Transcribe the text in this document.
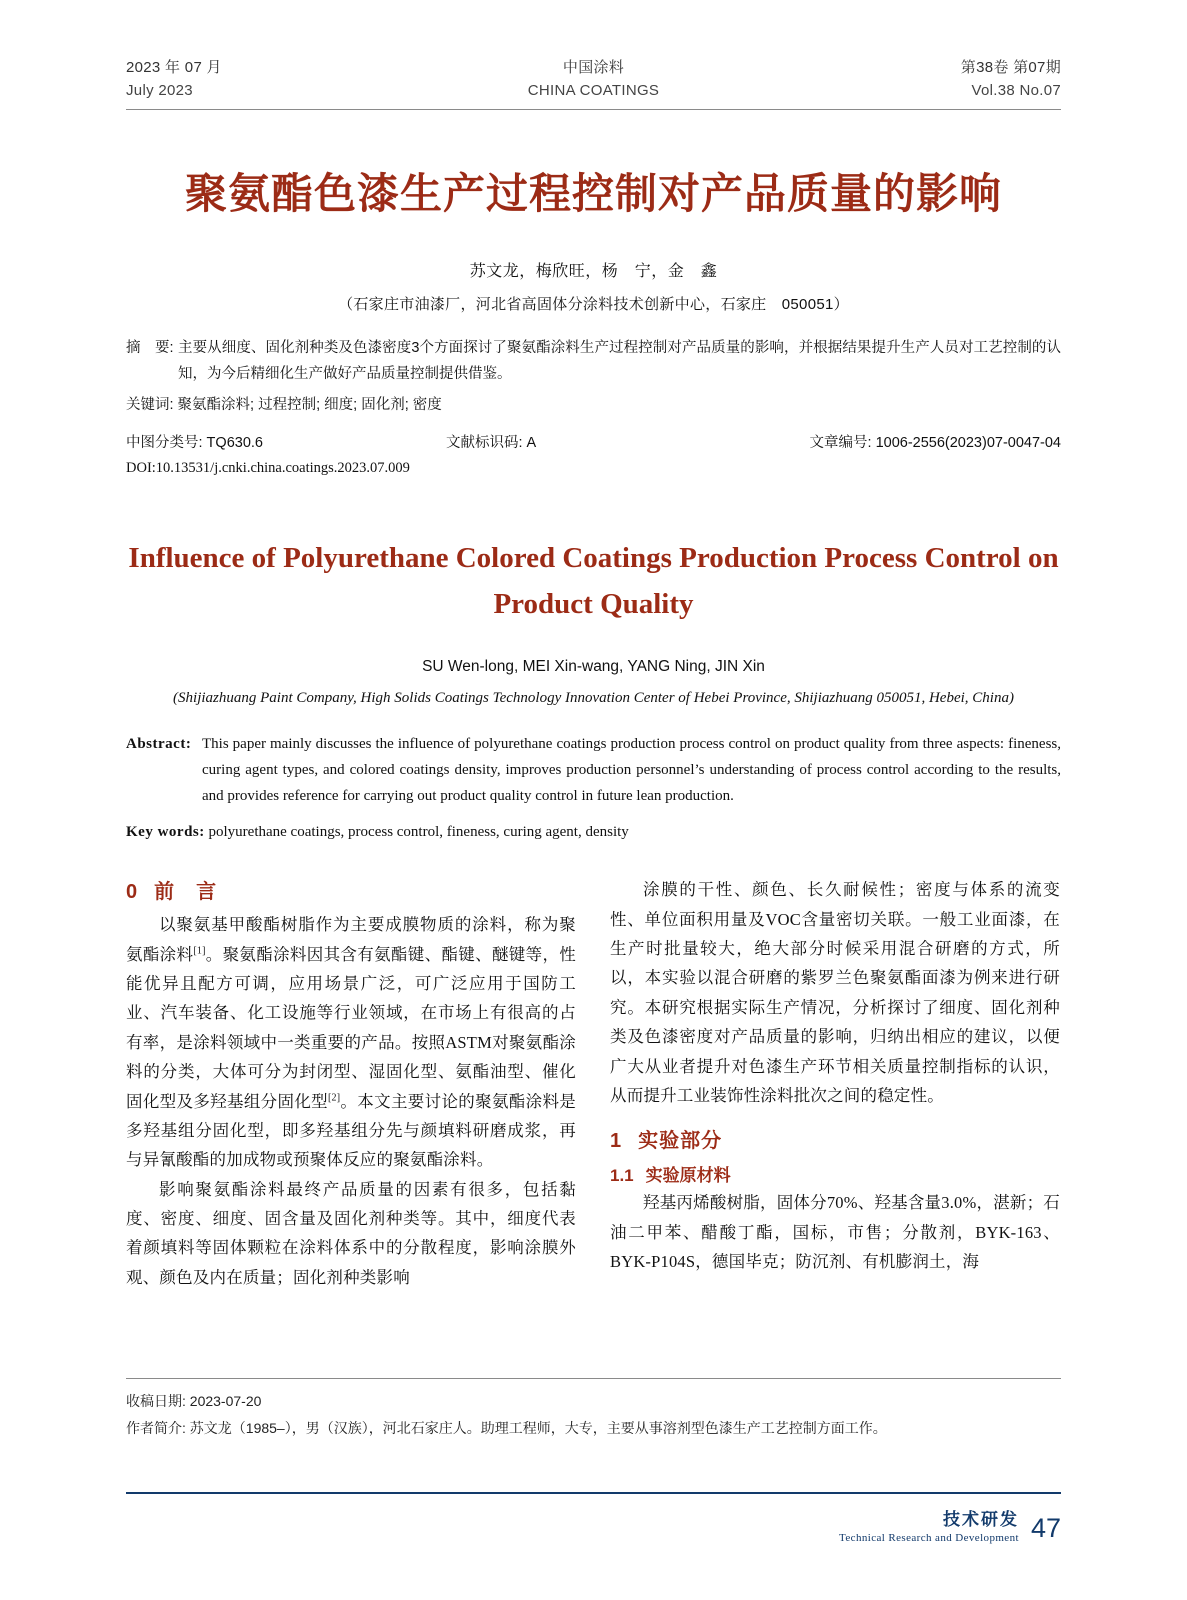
2023 年 07 月
July 2023
中国涂料
CHINA COATINGS
第38卷 第07期
Vol.38 No.07
聚氨酯色漆生产过程控制对产品质量的影响
苏文龙，梅欣旺，杨　宁，金　鑫
（石家庄市油漆厂，河北省高固体分涂料技术创新中心，石家庄　050051）
摘　要: 主要从细度、固化剂种类及色漆密度3个方面探讨了聚氨酯涂料生产过程控制对产品质量的影响，并根据结果提升生产人员对工艺控制的认知，为今后精细化生产做好产品质量控制提供借鉴。
关键词: 聚氨酯涂料; 过程控制; 细度; 固化剂; 密度
中图分类号: TQ630.6	文献标识码: A	文章编号: 1006-2556(2023)07-0047-04
DOI:10.13531/j.cnki.china.coatings.2023.07.009
Influence of Polyurethane Colored Coatings Production Process Control on Product Quality
SU Wen-long, MEI Xin-wang, YANG Ning, JIN Xin
(Shijiazhuang Paint Company, High Solids Coatings Technology Innovation Center of Hebei Province, Shijiazhuang 050051, Hebei, China)
Abstract: This paper mainly discusses the influence of polyurethane coatings production process control on product quality from three aspects: fineness, curing agent types, and colored coatings density, improves production personnel’s understanding of process control according to the results, and provides reference for carrying out product quality control in future lean production.
Key words: polyurethane coatings, process control, fineness, curing agent, density
0 前　言

以聚氨基甲酸酯树脂作为主要成膜物质的涂料，称为聚氨酯涂料[1]。聚氨酯涂料因其含有氨酯键、酯键、醚键等，性能优异且配方可调，应用场景广泛，可广泛应用于国防工业、汽车装备、化工设施等行业领域，在市场上有很高的占有率，是涂料领域中一类重要的产品。按照ASTM对聚氨酯涂料的分类，大体可分为封闭型、湿固化型、氨酯油型、催化固化型及多羟基组分固化型[2]。本文主要讨论的聚氨酯涂料是多羟基组分固化型，即多羟基组分先与颜填料研磨成浆，再与异氰酸酯的加成物或预聚体反应的聚氨酯涂料。

影响聚氨酯涂料最终产品质量的因素有很多，包括黏度、密度、细度、固含量及固化剂种类等。其中，细度代表着颜填料等固体颗粒在涂料体系中的分散程度，影响涂膜外观、颜色及内在质量；固化剂种类影响

涂膜的干性、颜色、长久耐候性；密度与体系的流变性、单位面积用量及VOC含量密切关联。一般工业面漆，在生产时批量较大，绝大部分时候采用混合研磨的方式，所以，本实验以混合研磨的紫罗兰色聚氨酯面漆为例来进行研究。本研究根据实际生产情况，分析探讨了细度、固化剂种类及色漆密度对产品质量的影响，归纳出相应的建议，以便广大从业者提升对色漆生产环节相关质量控制指标的认识，从而提升工业装饰性涂料批次之间的稳定性。

1 实验部分
1.1 实验原材料

羟基丙烯酸树脂，固体分70%、羟基含量3.0%，湛新；石油二甲苯、醋酸丁酯，国标，市售；分散剂，BYK-163、BYK-P104S，德国毕克；防沉剂、有机膨润土，海

收稿日期: 2023-07-20
作者简介: 苏文龙（1985–），男（汉族），河北石家庄人。助理工程师，大专，主要从事溶剂型色漆生产工艺控制方面工作。
技术研发
Technical Research and Development 47
